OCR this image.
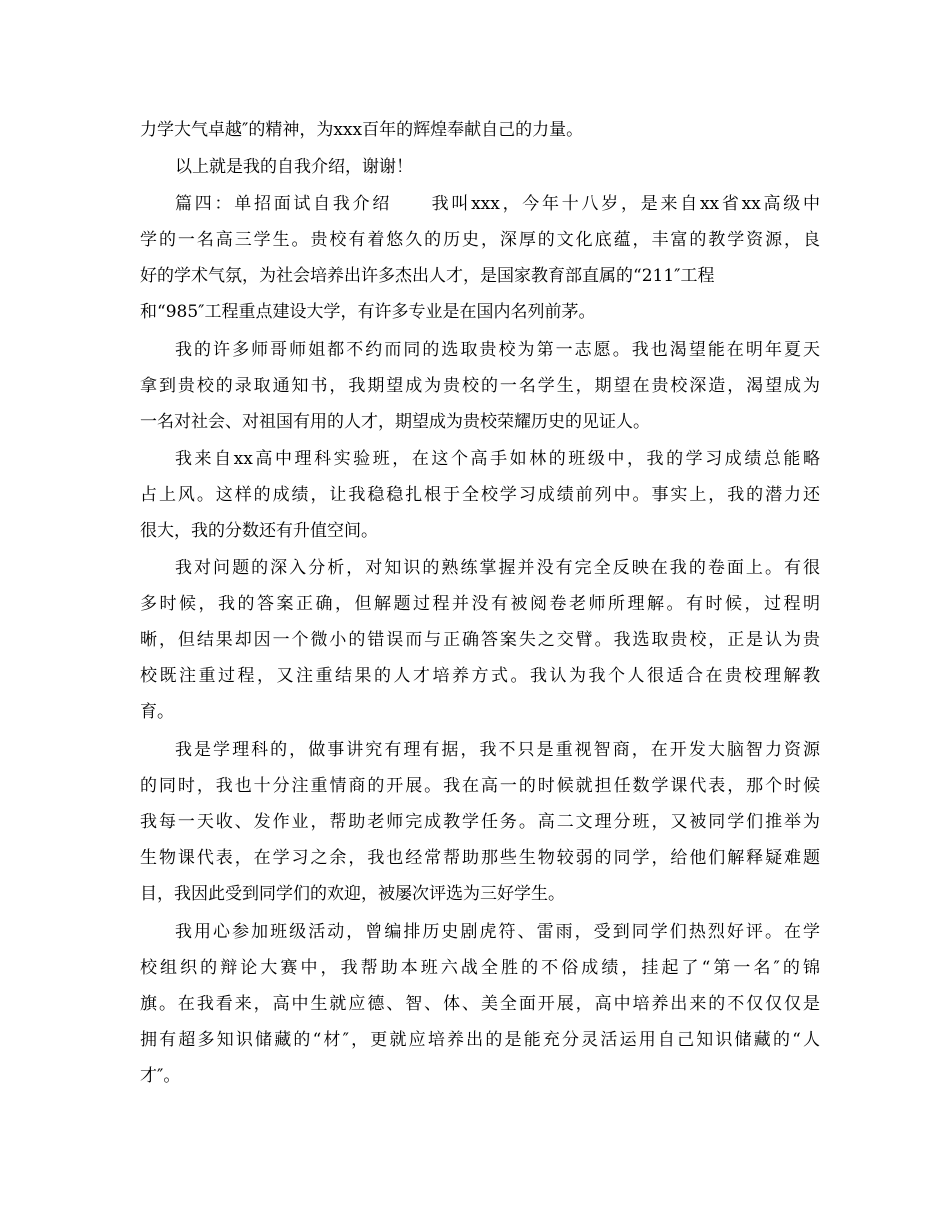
力学大气卓越″的精神，为xxx百年的辉煌奉献自己的力量。
以上就是我的自我介绍，谢谢！
篇四：单招面试自我介绍　　我叫xxx，今年十八岁，是来自xx省xx高级中
学的一名高三学生。贵校有着悠久的历史，深厚的文化底蕴，丰富的教学资源，良
好的学术气氛，为社会培养出许多杰出人才，是国家教育部直属的“211″工程
和“985″工程重点建设大学，有许多专业是在国内名列前茅。
我的许多师哥师姐都不约而同的选取贵校为第一志愿。我也渴望能在明年夏天
拿到贵校的录取通知书，我期望成为贵校的一名学生，期望在贵校深造，渴望成为
一名对社会、对祖国有用的人才，期望成为贵校荣耀历史的见证人。
我来自xx高中理科实验班，在这个高手如林的班级中，我的学习成绩总能略
占上风。这样的成绩，让我稳稳扎根于全校学习成绩前列中。事实上，我的潜力还
很大，我的分数还有升值空间。
我对问题的深入分析，对知识的熟练掌握并没有完全反映在我的卷面上。有很
多时候，我的答案正确，但解题过程并没有被阅卷老师所理解。有时候，过程明
晰，但结果却因一个微小的错误而与正确答案失之交臂。我选取贵校，正是认为贵
校既注重过程，又注重结果的人才培养方式。我认为我个人很适合在贵校理解教
育。
我是学理科的，做事讲究有理有据，我不只是重视智商，在开发大脑智力资源
的同时，我也十分注重情商的开展。我在高一的时候就担任数学课代表，那个时候
我每一天收、发作业，帮助老师完成教学任务。高二文理分班，又被同学们推举为
生物课代表，在学习之余，我也经常帮助那些生物较弱的同学，给他们解释疑难题
目，我因此受到同学们的欢迎，被屡次评选为三好学生。
我用心参加班级活动，曾编排历史剧虎符、雷雨，受到同学们热烈好评。在学
校组织的辩论大赛中，我帮助本班六战全胜的不俗成绩，挂起了“第一名″的锦
旗。在我看来，高中生就应德、智、体、美全面开展，高中培养出来的不仅仅仅是
拥有超多知识储藏的“材″，更就应培养出的是能充分灵活运用自己知识储藏的“人
才″。
